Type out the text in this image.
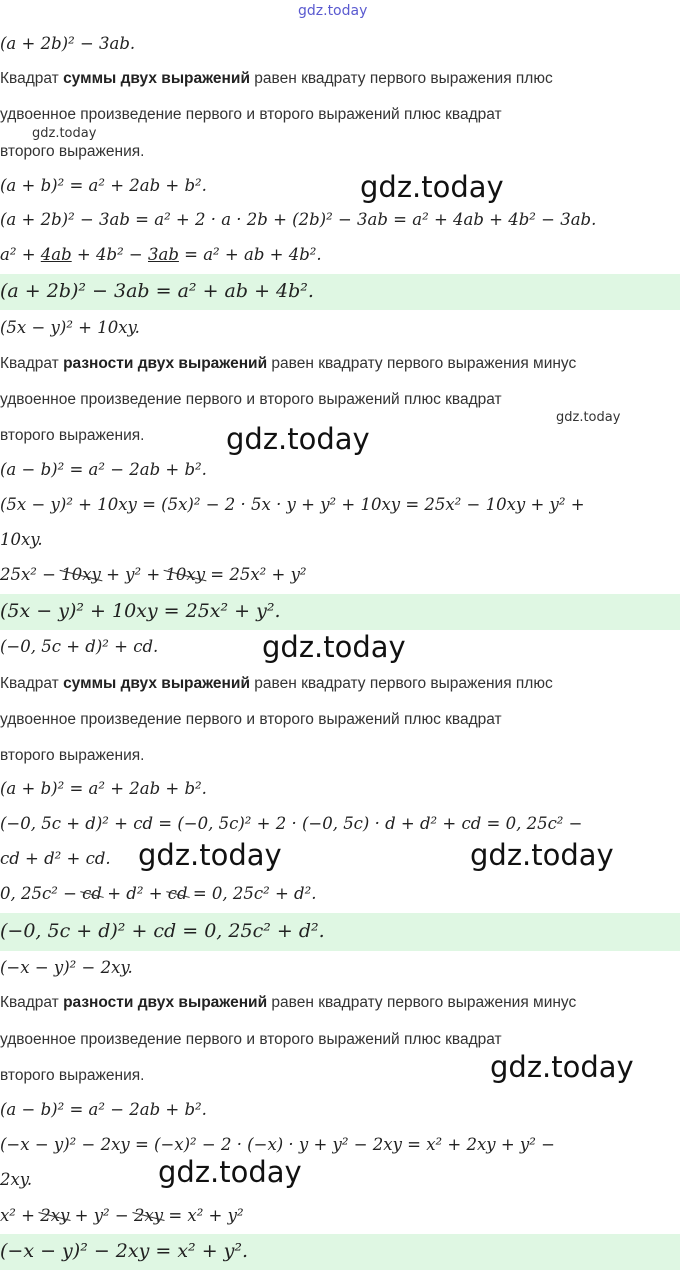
gdz.today
gdz.today
gdz.today
gdz.today
gdz.today
gdz.today
gdz.today	gdz.today
gdz.today
gdz.today
(a + 2b)² − 3ab.
Квадрат суммы двух выражений равен квадрату первого выражения плюс
удвоенное произведение первого и второго выражений плюс квадрат
второго выражения.
(a + b)² = a² + 2ab + b².
(a + 2b)² − 3ab = a² + 2 · a · 2b + (2b)² − 3ab = a² + 4ab + 4b² − 3ab.
a² + 4ab + 4b² − 3ab = a² + ab + 4b².
(a + 2b)² − 3ab = a² + ab + 4b².
(5x − y)² + 10xy.
Квадрат разности двух выражений равен квадрату первого выражения минус
удвоенное произведение первого и второго выражений плюс квадрат
второго выражения.
(a − b)² = a² − 2ab + b².
(5x − y)² + 10xy = (5x)² − 2 · 5x · y + y² + 10xy = 25x² − 10xy + y² +
10xy.
25x² − 10xy + y² + 10xy = 25x² + y²
(5x − y)² + 10xy = 25x² + y².
(−0, 5c + d)² + cd.
Квадрат суммы двух выражений равен квадрату первого выражения плюс
удвоенное произведение первого и второго выражений плюс квадрат
второго выражения.
(a + b)² = a² + 2ab + b².
(−0, 5c + d)² + cd = (−0, 5c)² + 2 · (−0, 5c) · d + d² + cd = 0, 25c² −
cd + d² + cd.
0, 25c² − cd + d² + cd = 0, 25c² + d².
(−0, 5c + d)² + cd = 0, 25c² + d².
(−x − y)² − 2xy.
Квадрат разности двух выражений равен квадрату первого выражения минус
удвоенное произведение первого и второго выражений плюс квадрат
второго выражения.
(a − b)² = a² − 2ab + b².
(−x − y)² − 2xy = (−x)² − 2 · (−x) · y + y² − 2xy = x² + 2xy + y² −
2xy.
x² + 2xy + y² − 2xy = x² + y²
(−x − y)² − 2xy = x² + y².
